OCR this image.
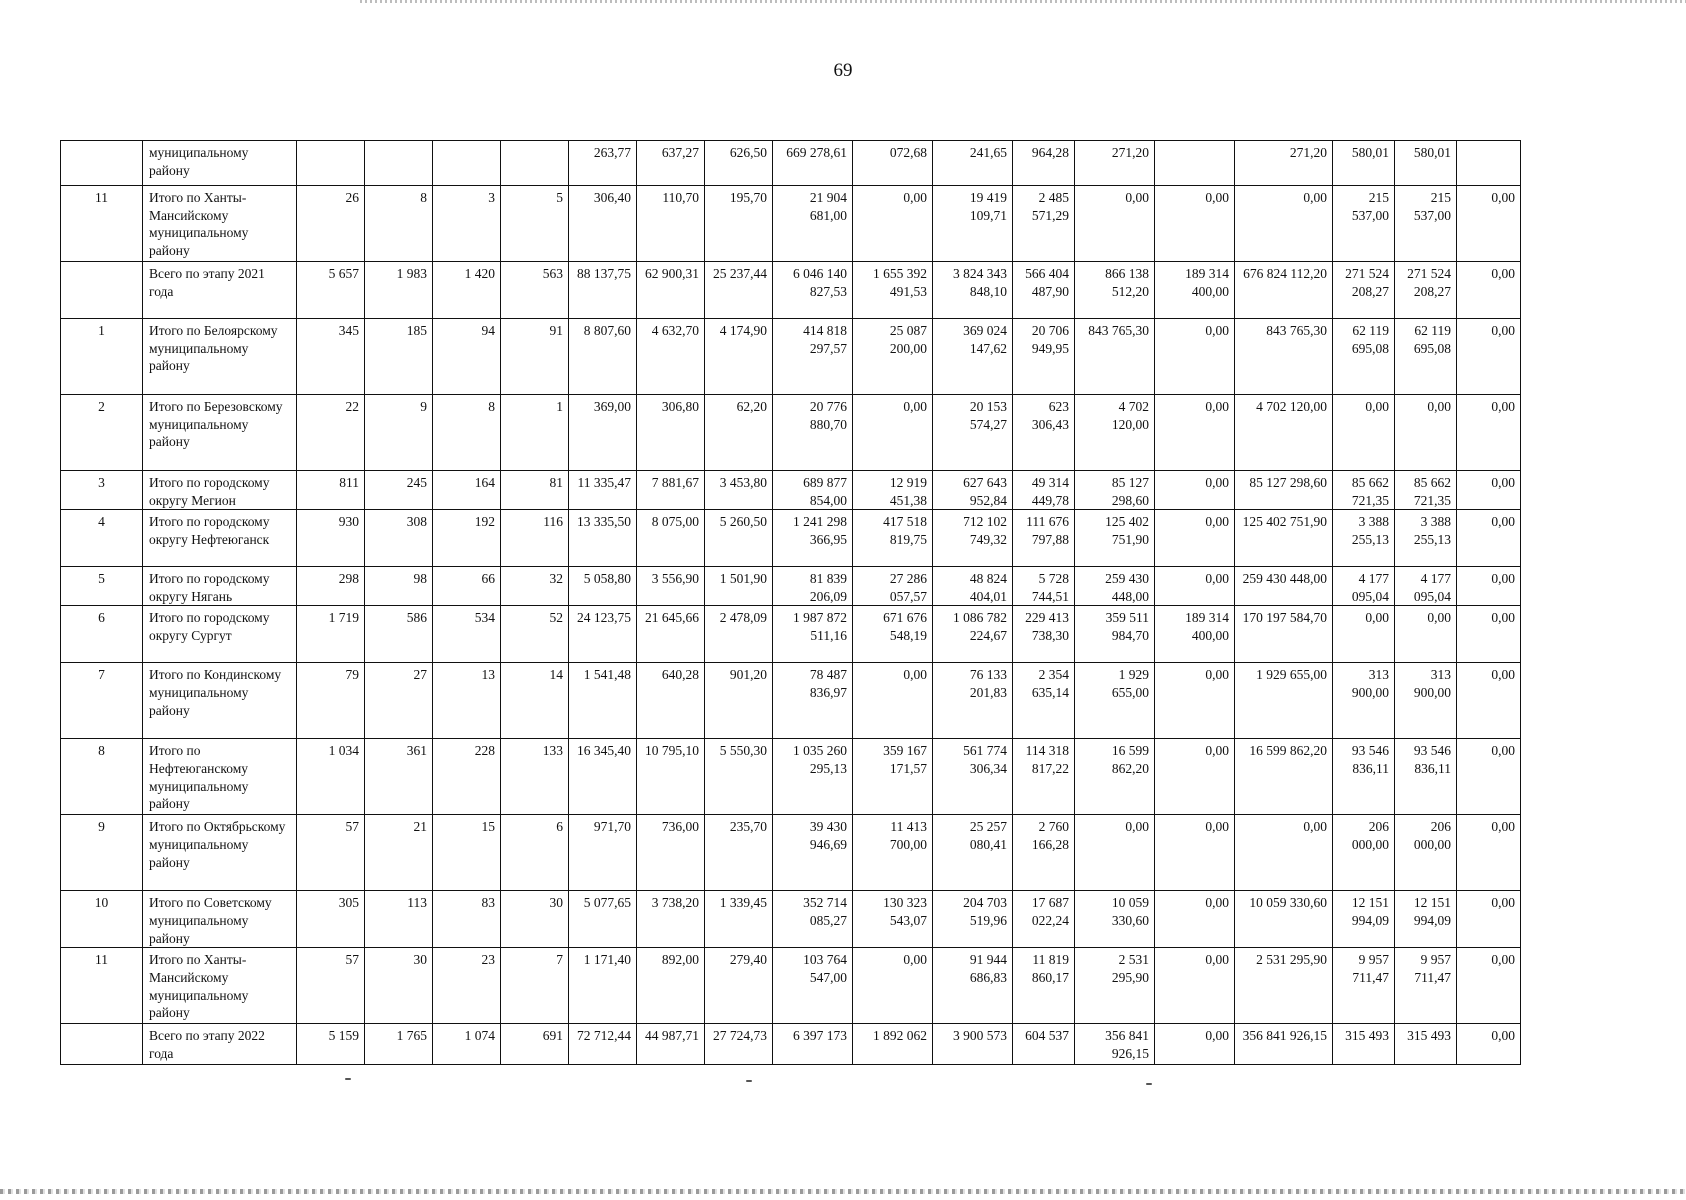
69
	муниципальному району					263,77	637,27	626,50	669 278,61	072,68	241,65	964,28	271,20		271,20	580,01	580,01	
11	Итого по Ханты-Мансийскому муниципальному району	26	8	3	5	306,40	110,70	195,70	21 904 681,00	0,00	19 419 109,71	2 485 571,29	0,00	0,00	0,00	215 537,00	215 537,00	0,00
	Всего по этапу 2021 года	5 657	1 983	1 420	563	88 137,75	62 900,31	25 237,44	6 046 140 827,53	1 655 392 491,53	3 824 343 848,10	566 404 487,90	866 138 512,20	189 314 400,00	676 824 112,20	271 524 208,27	271 524 208,27	0,00
1	Итого по Белоярскому муниципальному району	345	185	94	91	8 807,60	4 632,70	4 174,90	414 818 297,57	25 087 200,00	369 024 147,62	20 706 949,95	843 765,30	0,00	843 765,30	62 119 695,08	62 119 695,08	0,00
2	Итого по Березовскому муниципальному району	22	9	8	1	369,00	306,80	62,20	20 776 880,70	0,00	20 153 574,27	623 306,43	4 702 120,00	0,00	4 702 120,00	0,00	0,00	0,00
3	Итого по городскому округу Мегион	811	245	164	81	11 335,47	7 881,67	3 453,80	689 877 854,00	12 919 451,38	627 643 952,84	49 314 449,78	85 127 298,60	0,00	85 127 298,60	85 662 721,35	85 662 721,35	0,00
4	Итого по городскому округу Нефтеюганск	930	308	192	116	13 335,50	8 075,00	5 260,50	1 241 298 366,95	417 518 819,75	712 102 749,32	111 676 797,88	125 402 751,90	0,00	125 402 751,90	3 388 255,13	3 388 255,13	0,00
5	Итого по городскому округу Нягань	298	98	66	32	5 058,80	3 556,90	1 501,90	81 839 206,09	27 286 057,57	48 824 404,01	5 728 744,51	259 430 448,00	0,00	259 430 448,00	4 177 095,04	4 177 095,04	0,00
6	Итого по городскому округу Сургут	1 719	586	534	52	24 123,75	21 645,66	2 478,09	1 987 872 511,16	671 676 548,19	1 086 782 224,67	229 413 738,30	359 511 984,70	189 314 400,00	170 197 584,70	0,00	0,00	0,00
7	Итого по Кондинскому муниципальному району	79	27	13	14	1 541,48	640,28	901,20	78 487 836,97	0,00	76 133 201,83	2 354 635,14	1 929 655,00	0,00	1 929 655,00	313 900,00	313 900,00	0,00
8	Итого по Нефтеюганскому муниципальному району	1 034	361	228	133	16 345,40	10 795,10	5 550,30	1 035 260 295,13	359 167 171,57	561 774 306,34	114 318 817,22	16 599 862,20	0,00	16 599 862,20	93 546 836,11	93 546 836,11	0,00
9	Итого по Октябрьскому муниципальному району	57	21	15	6	971,70	736,00	235,70	39 430 946,69	11 413 700,00	25 257 080,41	2 760 166,28	0,00	0,00	0,00	206 000,00	206 000,00	0,00
10	Итого по Советскому муниципальному району	305	113	83	30	5 077,65	3 738,20	1 339,45	352 714 085,27	130 323 543,07	204 703 519,96	17 687 022,24	10 059 330,60	0,00	10 059 330,60	12 151 994,09	12 151 994,09	0,00
11	Итого по Ханты-Мансийскому муниципальному району	57	30	23	7	1 171,40	892,00	279,40	103 764 547,00	0,00	91 944 686,83	11 819 860,17	2 531 295,90	0,00	2 531 295,90	9 957 711,47	9 957 711,47	0,00
	Всего по этапу 2022 года	5 159	1 765	1 074	691	72 712,44	44 987,71	27 724,73	6 397 173	1 892 062	3 900 573	604 537	356 841 926,15	0,00	356 841 926,15	315 493	315 493	0,00
